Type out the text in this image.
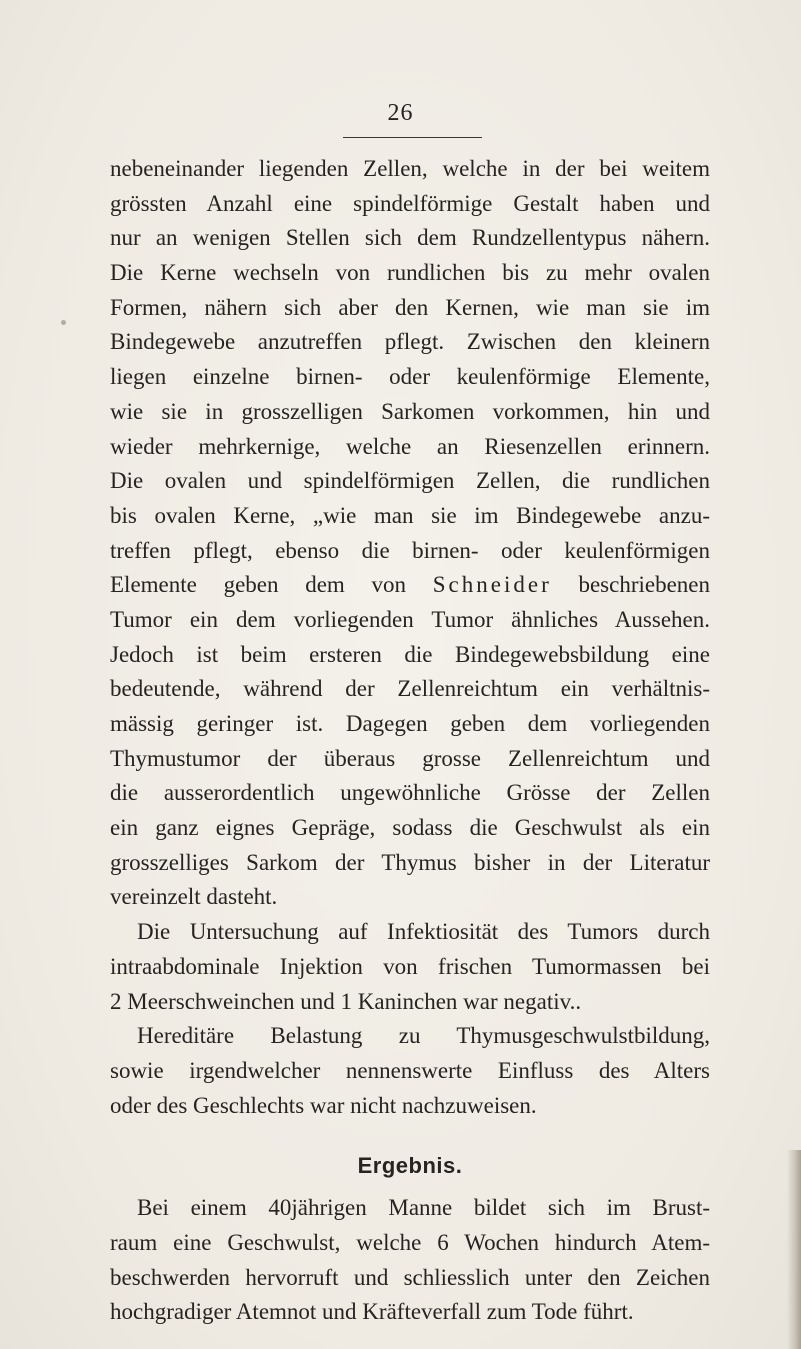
26
nebeneinander liegenden Zellen, welche in der bei weitem
grössten Anzahl eine spindelförmige Gestalt haben und
nur an wenigen Stellen sich dem Rundzellentypus nähern.
Die Kerne wechseln von rundlichen bis zu mehr ovalen
Formen, nähern sich aber den Kernen, wie man sie im
Bindegewebe anzutreffen pflegt. Zwischen den kleinern
liegen einzelne birnen- oder keulenförmige Elemente,
wie sie in grosszelligen Sarkomen vorkommen, hin und
wieder mehrkernige, welche an Riesenzellen erinnern.
Die ovalen und spindelförmigen Zellen, die rundlichen
bis ovalen Kerne, „wie man sie im Bindegewebe anzu-
treffen pflegt, ebenso die birnen- oder keulenförmigen
Elemente geben dem von Schneider beschriebenen
Tumor ein dem vorliegenden Tumor ähnliches Aussehen.
Jedoch ist beim ersteren die Bindegewebsbildung eine
bedeutende, während der Zellenreichtum ein verhältnis-
mässig geringer ist. Dagegen geben dem vorliegenden
Thymustumor der überaus grosse Zellenreichtum und
die ausserordentlich ungewöhnliche Grösse der Zellen
ein ganz eignes Gepräge, sodass die Geschwulst als ein
grosszelliges Sarkom der Thymus bisher in der Literatur
vereinzelt dasteht.
Die Untersuchung auf Infektiosität des Tumors durch
intraabdominale Injektion von frischen Tumormassen bei
2 Meerschweinchen und 1 Kaninchen war negativ..
Hereditäre Belastung zu Thymusgeschwulstbildung,
sowie irgendwelcher nennenswerte Einfluss des Alters
oder des Geschlechts war nicht nachzuweisen.
Ergebnis.
Bei einem 40jährigen Manne bildet sich im Brust-
raum eine Geschwulst, welche 6 Wochen hindurch Atem-
beschwerden hervorruft und schliesslich unter den Zeichen
hochgradiger Atemnot und Kräfteverfall zum Tode führt.
